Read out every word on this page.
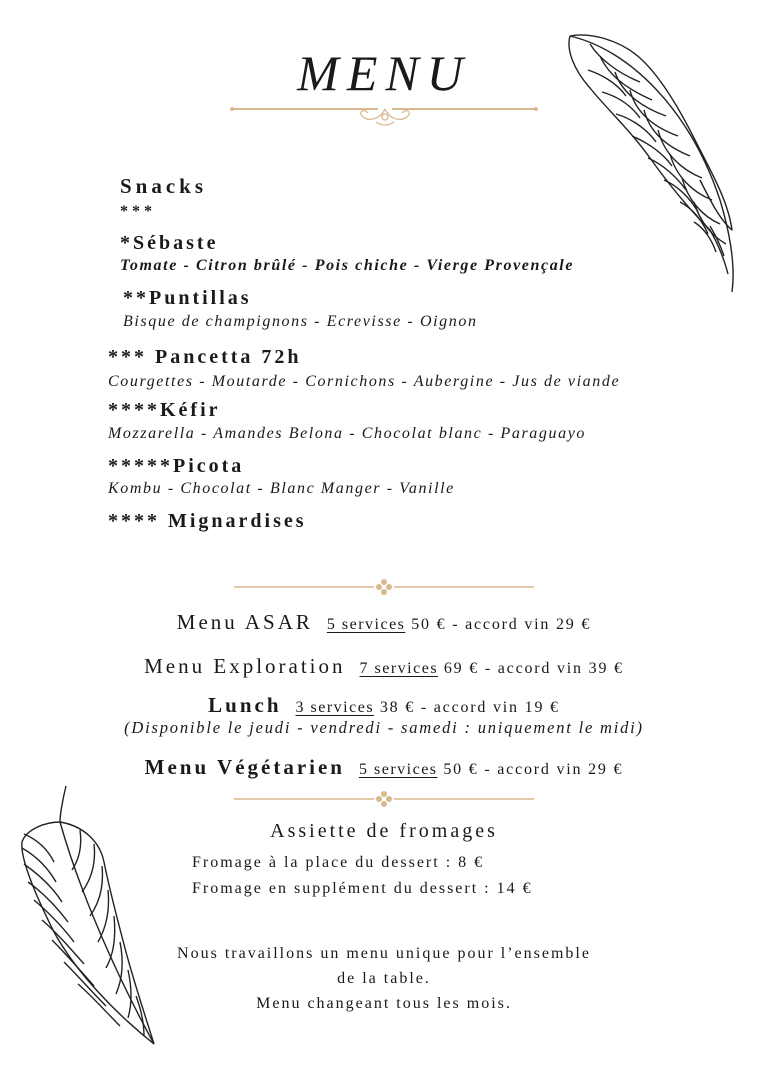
MENU
Snacks
***
*Sébaste
Tomate - Citron brûlé - Pois chiche - Vierge Provençale
**Puntillas
Bisque de champignons - Ecrevisse - Oignon
*** Pancetta 72h
Courgettes - Moutarde - Cornichons - Aubergine - Jus de viande
****Kéfir
Mozzarella - Amandes Belona - Chocolat blanc - Paraguayo
*****Picota
Kombu - Chocolat - Blanc Manger - Vanille
**** Mignardises
Menu ASAR 5 services 50 € - accord vin 29 €
Menu Exploration 7 services 69 € - accord vin 39 €
Lunch 3 services 38 € - accord vin 19 €
(Disponible le jeudi - vendredi - samedi : uniquement le midi)
Menu Végétarien 5 services 50 € - accord vin 29 €
Assiette de fromages
Fromage à la place du dessert : 8 €
Fromage en supplément du dessert : 14 €
Nous travaillons un menu unique pour l’ensemble
de la table.
Menu changeant tous les mois.
